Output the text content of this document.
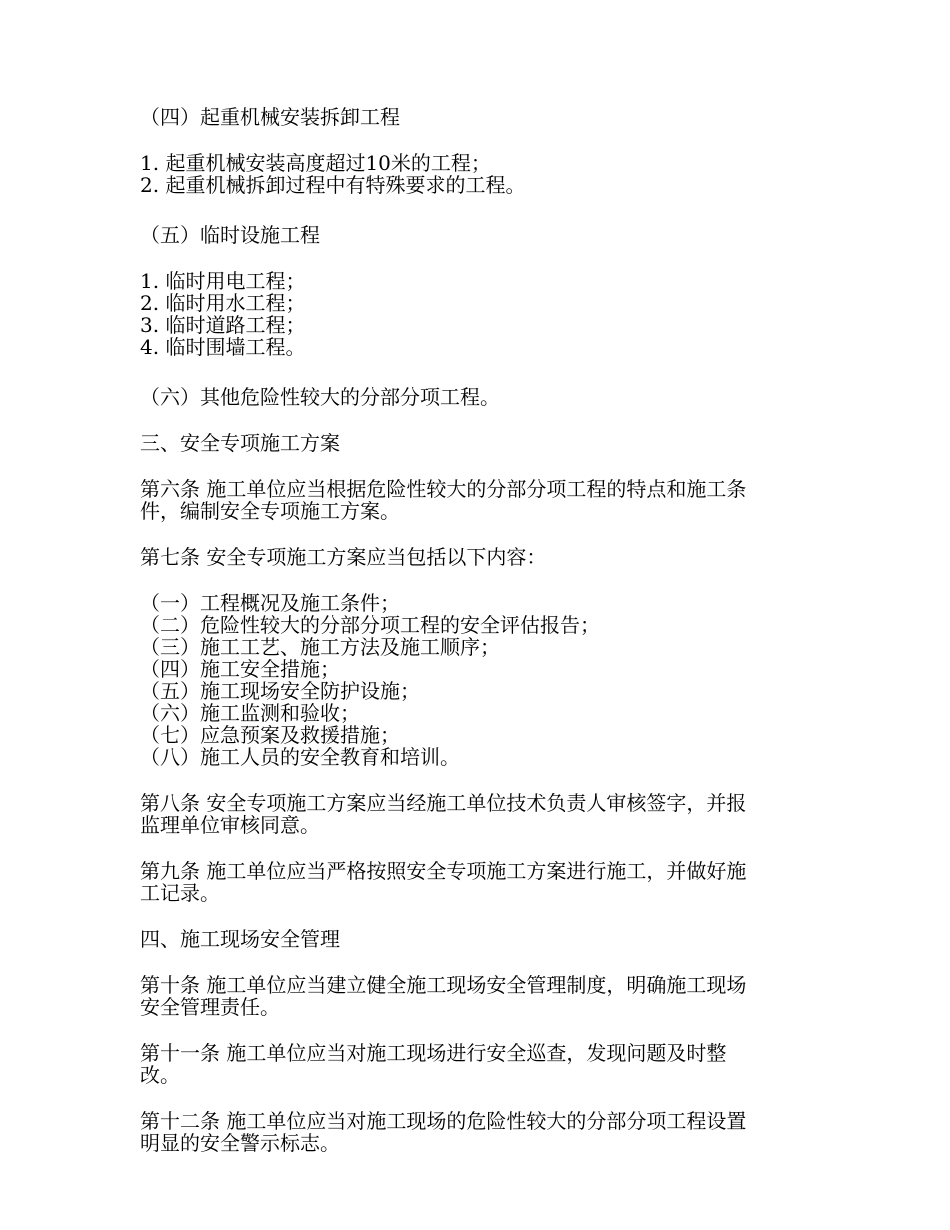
（四）起重机械安装拆卸工程
1. 起重机械安装高度超过10米的工程；
2. 起重机械拆卸过程中有特殊要求的工程。
（五）临时设施工程
1. 临时用电工程；
2. 临时用水工程；
3. 临时道路工程；
4. 临时围墙工程。
（六）其他危险性较大的分部分项工程。
三、安全专项施工方案
第六条 施工单位应当根据危险性较大的分部分项工程的特点和施工条
件，编制安全专项施工方案。
第七条 安全专项施工方案应当包括以下内容：
（一）工程概况及施工条件；
（二）危险性较大的分部分项工程的安全评估报告；
（三）施工工艺、施工方法及施工顺序；
（四）施工安全措施；
（五）施工现场安全防护设施；
（六）施工监测和验收；
（七）应急预案及救援措施；
（八）施工人员的安全教育和培训。
第八条 安全专项施工方案应当经施工单位技术负责人审核签字，并报
监理单位审核同意。
第九条 施工单位应当严格按照安全专项施工方案进行施工，并做好施
工记录。
四、施工现场安全管理
第十条 施工单位应当建立健全施工现场安全管理制度，明确施工现场
安全管理责任。
第十一条 施工单位应当对施工现场进行安全巡查，发现问题及时整
改。
第十二条 施工单位应当对施工现场的危险性较大的分部分项工程设置
明显的安全警示标志。
